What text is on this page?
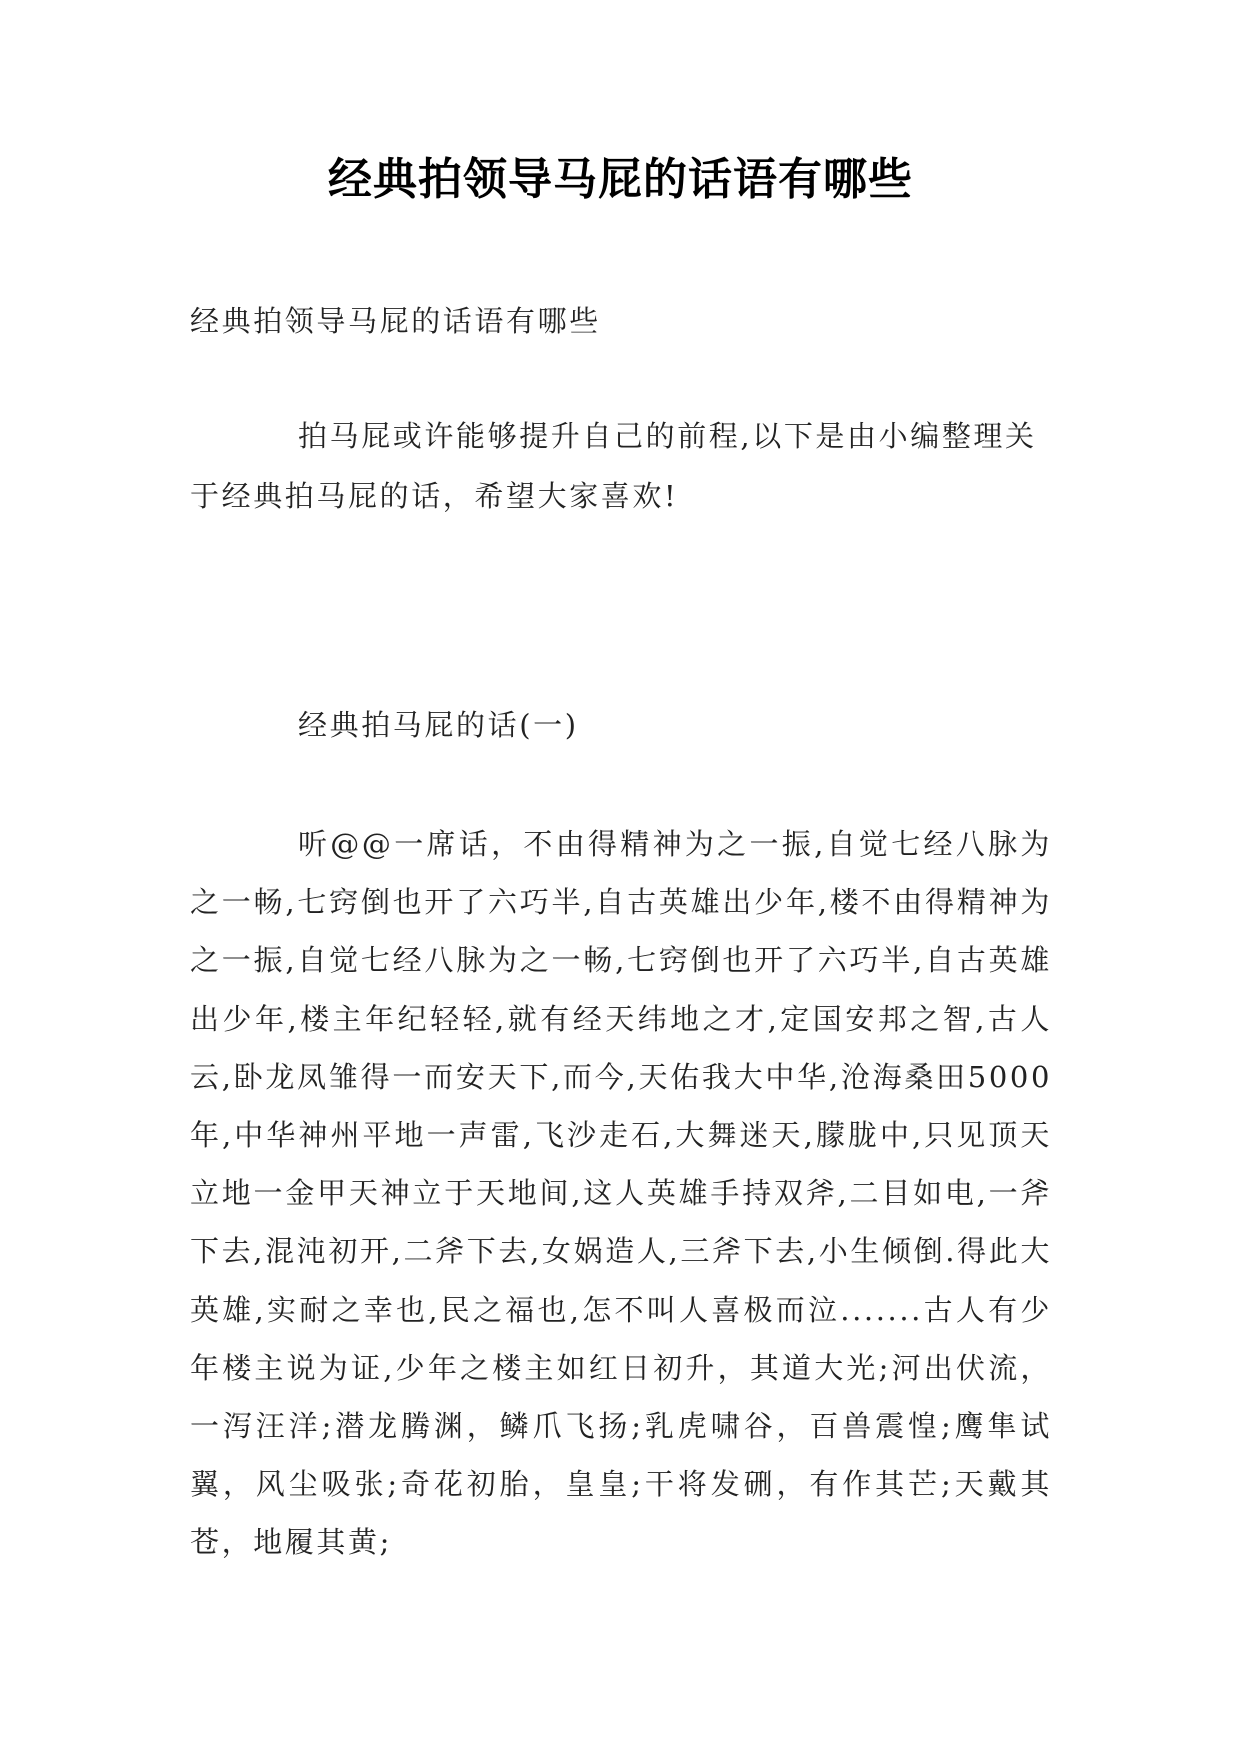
经典拍领导马屁的话语有哪些

经典拍领导马屁的话语有哪些

拍马屁或许能够提升自己的前程,以下是由小编整理关于经典拍马屁的话，希望大家喜欢!

经典拍马屁的话(一)

听@@一席话，不由得精神为之一振,自觉七经八脉为之一畅,七窍倒也开了六巧半,自古英雄出少年,楼不由得精神为之一振,自觉七经八脉为之一畅,七窍倒也开了六巧半,自古英雄出少年,楼主年纪轻轻,就有经天纬地之才,定国安邦之智,古人云,卧龙凤雏得一而安天下,而今,天佑我大中华,沧海桑田5000年,中华神州平地一声雷,飞沙走石,大舞迷天,朦胧中,只见顶天立地一金甲天神立于天地间,这人英雄手持双斧,二目如电,一斧下去,混沌初开,二斧下去,女娲造人,三斧下去,小生倾倒.得此大英雄,实耐之幸也,民之福也,怎不叫人喜极而泣.......古人有少年楼主说为证,少年之楼主如红日初升，其道大光;河出伏流，一泻汪洋;潜龙腾渊，鳞爪飞扬;乳虎啸谷，百兽震惶;鹰隼试翼，风尘吸张;奇花初胎，皇皇;干将发硎，有作其芒;天戴其苍，地履其黄;
